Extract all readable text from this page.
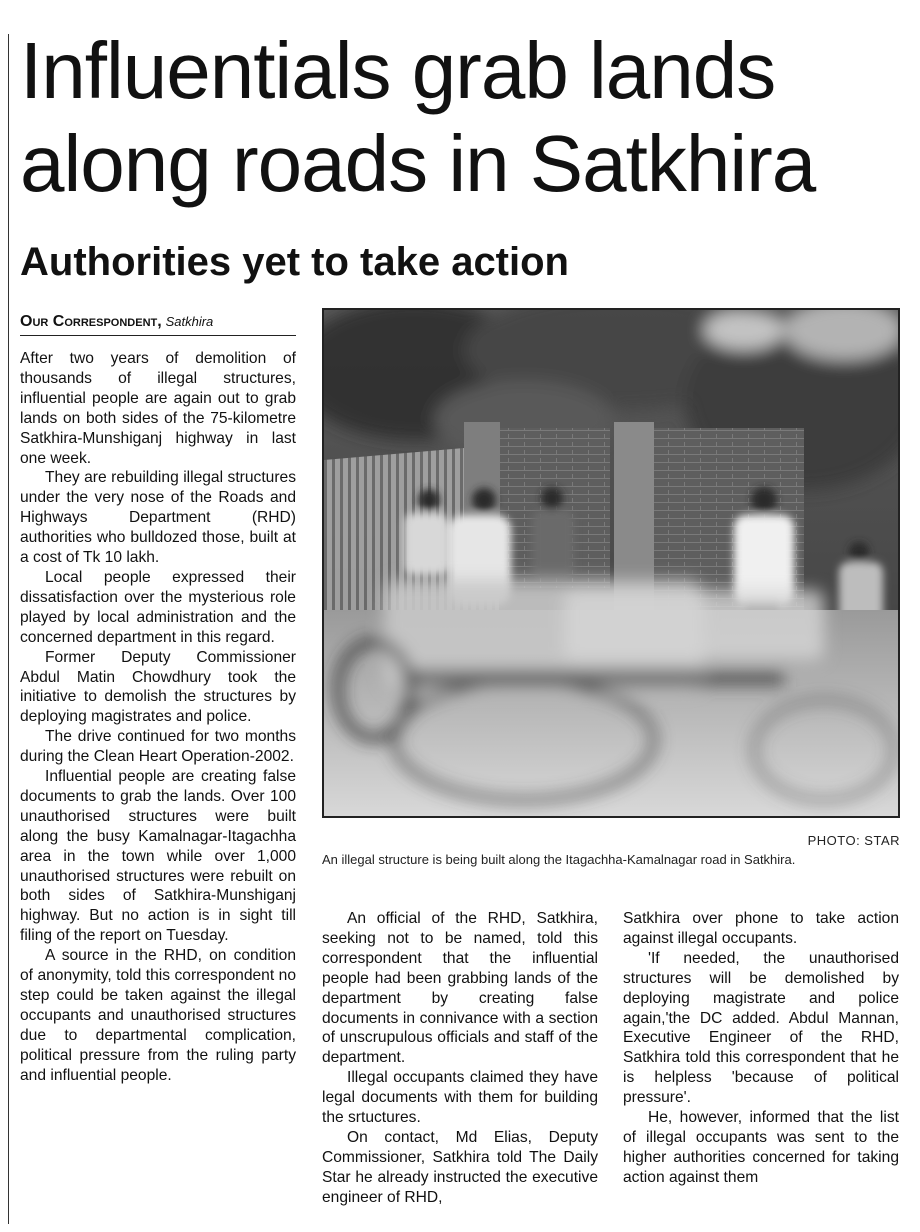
Influentials grab lands
along roads in Satkhira
Authorities yet to take action
Our Correspondent, Satkhira

After two years of demolition of thousands of illegal structures, influential people are again out to grab lands on both sides of the 75-kilometre Satkhira-Munshiganj highway in last one week.

They are rebuilding illegal structures under the very nose of the Roads and Highways Department (RHD) authorities who bulldozed those, built at a cost of Tk 10 lakh.

Local people expressed their dissatisfaction over the mysterious role played by local administration and the concerned department in this regard.

Former Deputy Commissioner Abdul Matin Chowdhury took the initiative to demolish the structures by deploying magistrates and police.

The drive continued for two months during the Clean Heart Operation-2002.

Influential people are creating false documents to grab the lands. Over 100 unauthorised structures were built along the busy Kamalnagar-Itagachha area in the town while over 1,000 unauthorised structures were rebuilt on both sides of Satkhira-Munshiganj highway. But no action is in sight till filing of the report on Tuesday.

A source in the RHD, on condition of anonymity, told this correspondent no step could be taken against the illegal occupants and unauthorised structures due to departmental complication, political pressure from the ruling party and influential people.

PHOTO: STAR
An illegal structure is being built along the Itagachha-Kamalnagar road in Satkhira.

An official of the RHD, Satkhira, seeking not to be named, told this correspondent that the influential people had been grabbing lands of the department by creating false documents in connivance with a section of unscrupulous officials and staff of the department.

Illegal occupants claimed they have legal documents with them for building the srtuctures.

On contact, Md Elias, Deputy Commissioner, Satkhira told The Daily Star he already instructed the executive engineer of RHD,

Satkhira over phone to take action against illegal occupants.

'If needed, the unauthorised structures will be demolished by deploying magistrate and police again,'the DC added. Abdul Mannan, Executive Engineer of the RHD, Satkhira told this correspondent that he is helpless 'because of political pressure'.

He, however, informed that the list of illegal occupants was sent to the higher authorities concerned for taking action against them
